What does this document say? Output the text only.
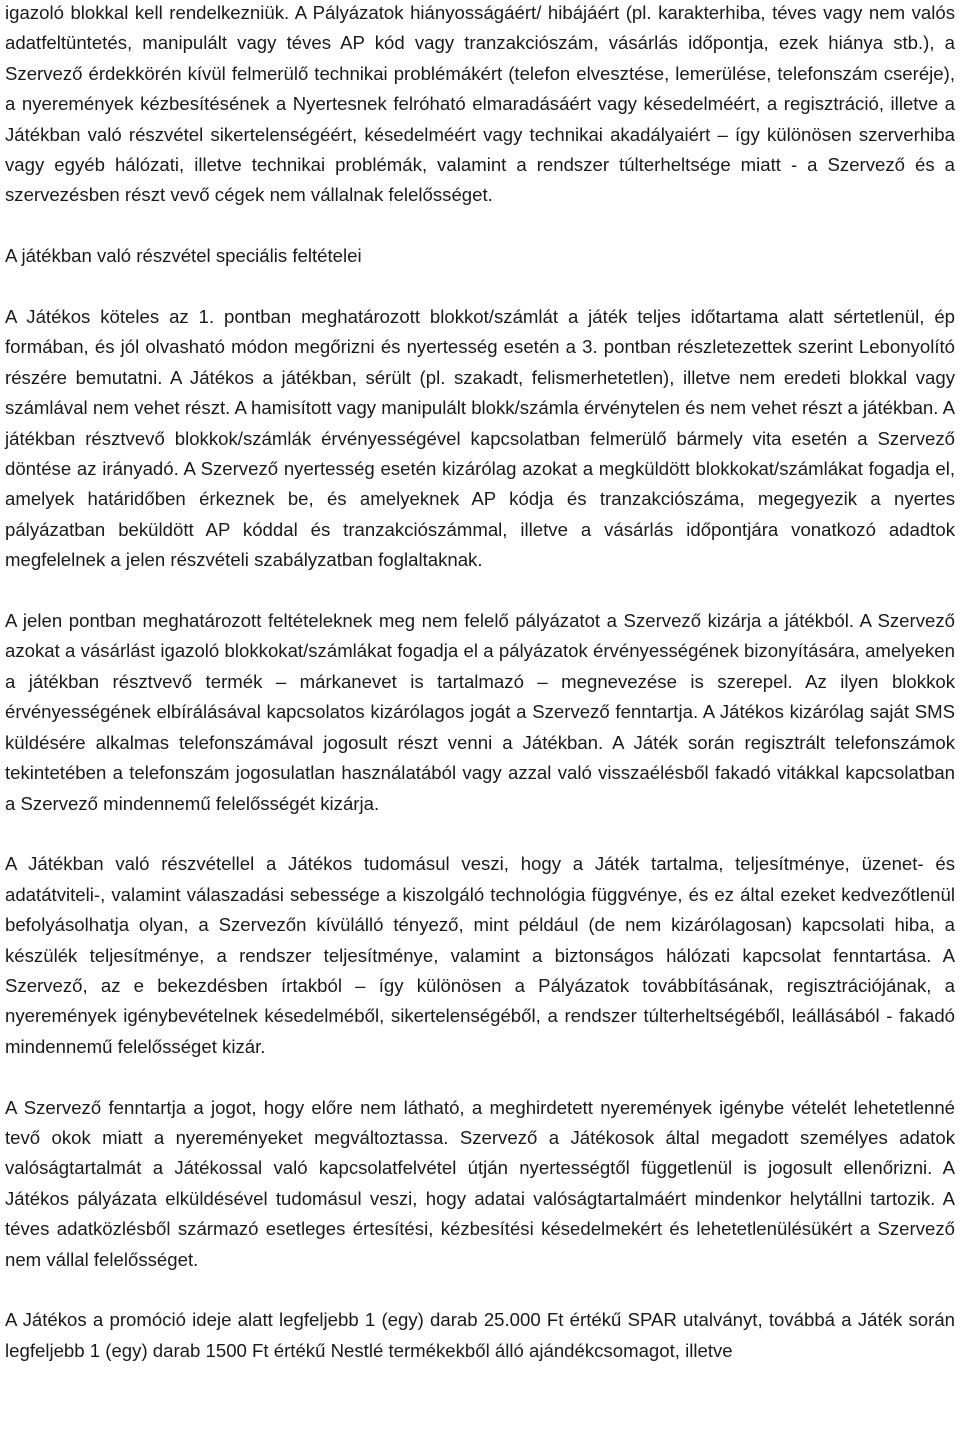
igazoló blokkal kell rendelkezniük. A Pályázatok hiányosságáért/ hibájáért (pl. karakterhiba, téves vagy nem valós adatfeltüntetés, manipulált vagy téves AP kód vagy tranzakciószám, vásárlás időpontja, ezek hiánya stb.), a Szervező érdekkörén kívül felmerülő technikai problémákért (telefon elvesztése, lemerülése, telefonszám cseréje), a nyeremények kézbesítésének a Nyertesnek felróható elmaradásáért vagy késedelméért, a regisztráció, illetve a Játékban való részvétel sikertelenségéért, késedelméért vagy technikai akadályaiért – így különösen szerverhiba vagy egyéb hálózati, illetve technikai problémák, valamint a rendszer túlterheltsége miatt - a Szervező és a szervezésben részt vevő cégek nem vállalnak felelősséget.

A játékban való részvétel speciális feltételei

A Játékos köteles az 1. pontban meghatározott blokkot/számlát a játék teljes időtartama alatt sértetlenül, ép formában, és jól olvasható módon megőrizni és nyertesség esetén a 3. pontban részletezettek szerint Lebonyolító részére bemutatni. A Játékos a játékban, sérült (pl. szakadt, felismerhetetlen), illetve nem eredeti blokkal vagy számlával nem vehet részt. A hamisított vagy manipulált blokk/számla érvénytelen és nem vehet részt a játékban. A játékban résztvevő blokkok/számlák érvényességével kapcsolatban felmerülő bármely vita esetén a Szervező döntése az irányadó. A Szervező nyertesség esetén kizárólag azokat a megküldött blokkokat/számlákat fogadja el, amelyek határidőben érkeznek be, és amelyeknek AP kódja és tranzakciószáma, megegyezik a nyertes pályázatban beküldött AP kóddal és tranzakciószámmal, illetve a vásárlás időpontjára vonatkozó adadtok megfelelnek a jelen részvételi szabályzatban foglaltaknak.

A jelen pontban meghatározott feltételeknek meg nem felelő pályázatot a Szervező kizárja a játékból. A Szervező azokat a vásárlást igazoló blokkokat/számlákat fogadja el a pályázatok érvényességének bizonyítására, amelyeken a játékban résztvevő termék – márkanevet is tartalmazó – megnevezése is szerepel. Az ilyen blokkok érvényességének elbírálásával kapcsolatos kizárólagos jogát a Szervező fenntartja. A Játékos kizárólag saját SMS küldésére alkalmas telefonszámával jogosult részt venni a Játékban. A Játék során regisztrált telefonszámok tekintetében a telefonszám jogosulatlan használatából vagy azzal való visszaélésből fakadó vitákkal kapcsolatban a Szervező mindennemű felelősségét kizárja.

A Játékban való részvétellel a Játékos tudomásul veszi, hogy a Játék tartalma, teljesítménye, üzenet- és adatátviteli-, valamint válaszadási sebessége a kiszolgáló technológia függvénye, és ez által ezeket kedvezőtlenül befolyásolhatja olyan, a Szervezőn kívülálló tényező, mint például (de nem kizárólagosan) kapcsolati hiba, a készülék teljesítménye, a rendszer teljesítménye, valamint a biztonságos hálózati kapcsolat fenntartása. A Szervező, az e bekezdésben írtakból – így különösen a Pályázatok továbbításának, regisztrációjának, a nyeremények igénybevételnek késedelméből, sikertelenségéből, a rendszer túlterheltségéből, leállásából - fakadó mindennemű felelősséget kizár.

A Szervező fenntartja a jogot, hogy előre nem látható, a meghirdetett nyeremények igénybe vételét lehetetlenné tevő okok miatt a nyereményeket megváltoztassa. Szervező a Játékosok által megadott személyes adatok valóságtartalmát a Játékossal való kapcsolatfelvétel útján nyertességtől függetlenül is jogosult ellenőrizni. A Játékos pályázata elküldésével tudomásul veszi, hogy adatai valóságtartalmáért mindenkor helytállni tartozik. A téves adatközlésből származó esetleges értesítési, kézbesítési késedelmekért és lehetetlenülésükért a Szervező nem vállal felelősséget.

A Játékos a promóció ideje alatt legfeljebb 1 (egy) darab 25.000 Ft értékű SPAR utalványt, továbbá a Játék során legfeljebb 1 (egy) darab 1500 Ft értékű Nestlé termékekből álló ajándékcsomagot, illetve
